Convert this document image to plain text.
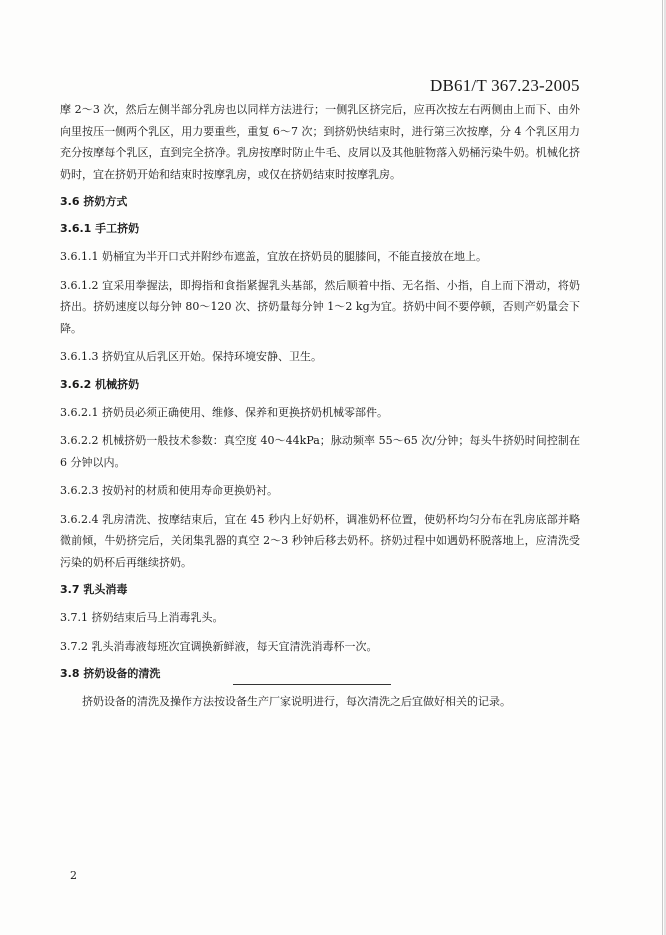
DB61/T 367.23-2005

摩 2～3 次，然后左侧半部分乳房也以同样方法进行；一侧乳区挤完后，应再次按左右两侧由上而下、由外向里按压一侧两个乳区，用力要重些，重复 6～7 次；到挤奶快结束时，进行第三次按摩，分 4 个乳区用力充分按摩每个乳区，直到完全挤净。乳房按摩时防止牛毛、皮屑以及其他脏物落入奶桶污染牛奶。机械化挤奶时，宜在挤奶开始和结束时按摩乳房，或仅在挤奶结束时按摩乳房。

3.6 挤奶方式
3.6.1 手工挤奶

3.6.1.1 奶桶宜为半开口式并附纱布遮盖，宜放在挤奶员的腿膝间，不能直接放在地上。

3.6.1.2 宜采用拳握法，即拇指和食指紧握乳头基部，然后顺着中指、无名指、小指，自上而下滑动，将奶挤出。挤奶速度以每分钟 80～120 次、挤奶量每分钟 1～2 kg为宜。挤奶中间不要停顿，否则产奶量会下降。

3.6.1.3 挤奶宜从后乳区开始。保持环境安静、卫生。

3.6.2 机械挤奶

3.6.2.1 挤奶员必须正确使用、维修、保养和更换挤奶机械零部件。

3.6.2.2 机械挤奶一般技术参数：真空度 40～44kPa；脉动频率 55～65 次/分钟；每头牛挤奶时间控制在 6 分钟以内。

3.6.2.3 按奶衬的材质和使用寿命更换奶衬。

3.6.2.4 乳房清洗、按摩结束后，宜在 45 秒内上好奶杯，调准奶杯位置，使奶杯均匀分布在乳房底部并略微前倾，牛奶挤完后，关闭集乳器的真空 2～3 秒钟后移去奶杯。挤奶过程中如遇奶杯脱落地上，应清洗受污染的奶杯后再继续挤奶。

3.7 乳头消毒

3.7.1 挤奶结束后马上消毒乳头。

3.7.2 乳头消毒液每班次宜调换新鲜液，每天宜清洗消毒杯一次。

3.8 挤奶设备的清洗

挤奶设备的清洗及操作方法按设备生产厂家说明进行，每次清洗之后宜做好相关的记录。

2
